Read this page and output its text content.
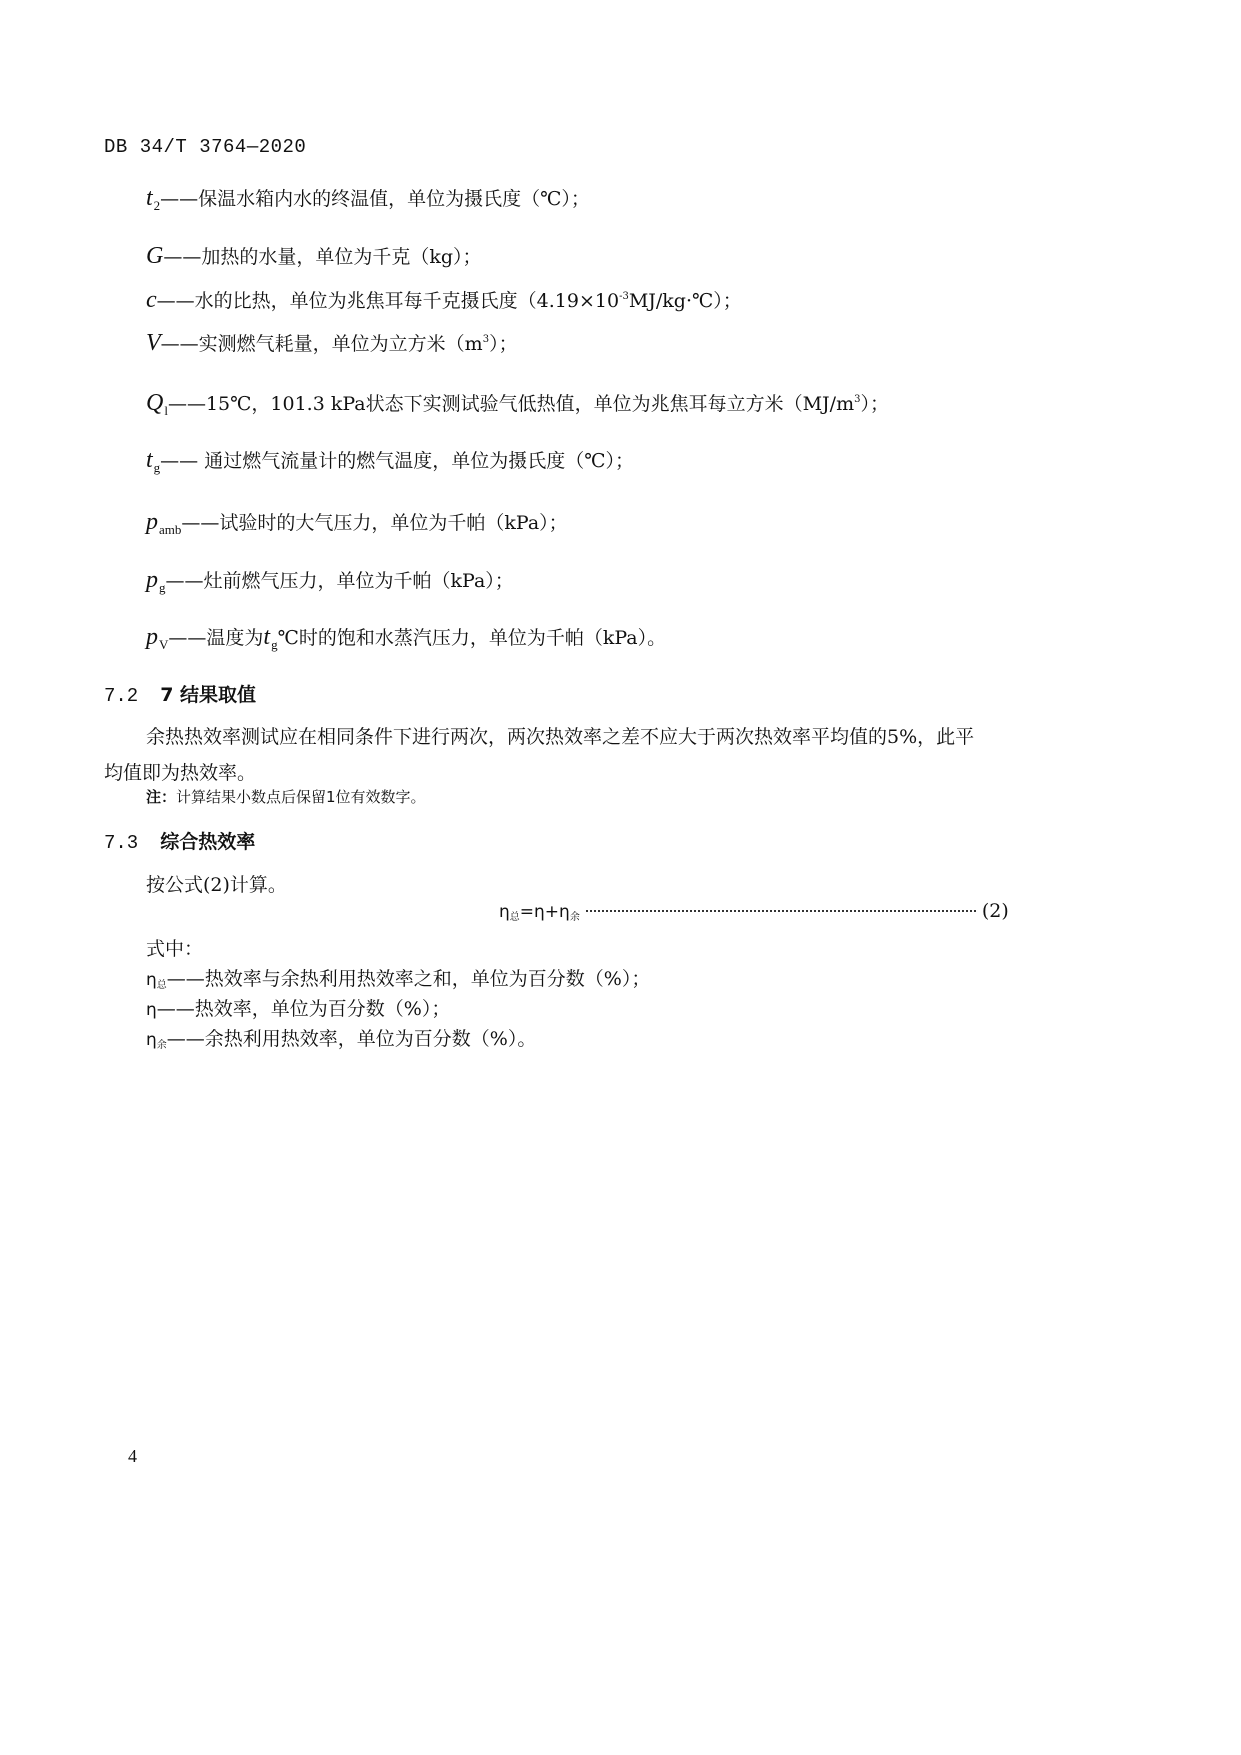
DB 34/T 3764—2020
$t_2——$保温水箱内水的终温值，单位为摄氏度（℃）；
G——加热的水量，单位为千克（kg）；
c——水的比热，单位为兆焦耳每千克摄氏度$(4.19\times 10^{-3}MJ/kg\cdot℃)$；
V——实测燃气耗量，单位为立方米$(m^3)$；
$Q_l——15℃$，101.3 kPa状态下实测试验气低热值，单位为兆焦耳每立方米$(MJ/m^3)$；
$t_g——$ 通过燃气流量计的燃气温度，单位为摄氏度（℃）；
$p_{amb}——$试验时的大气压力，单位为千帕（kPa）；
$p_g——$灶前燃气压力，单位为千帕（kPa）；
$p_V——$温度为$t_g℃$时的饱和水蒸汽压力，单位为千帕（kPa）。
7.2 7 结果取值
余热热效率测试应在相同条件下进行两次，两次热效率之差不应大于两次热效率平均值的5%，此平均值即为热效率。
注：计算结果小数点后保留1位有效数字。
7.3 综合热效率
按公式(2)计算。
η总=η+η余	(2)
式中：
η总——热效率与余热利用热效率之和，单位为百分数（%）；
η——热效率，单位为百分数（%）；
η余——余热利用热效率，单位为百分数（%）。
4
